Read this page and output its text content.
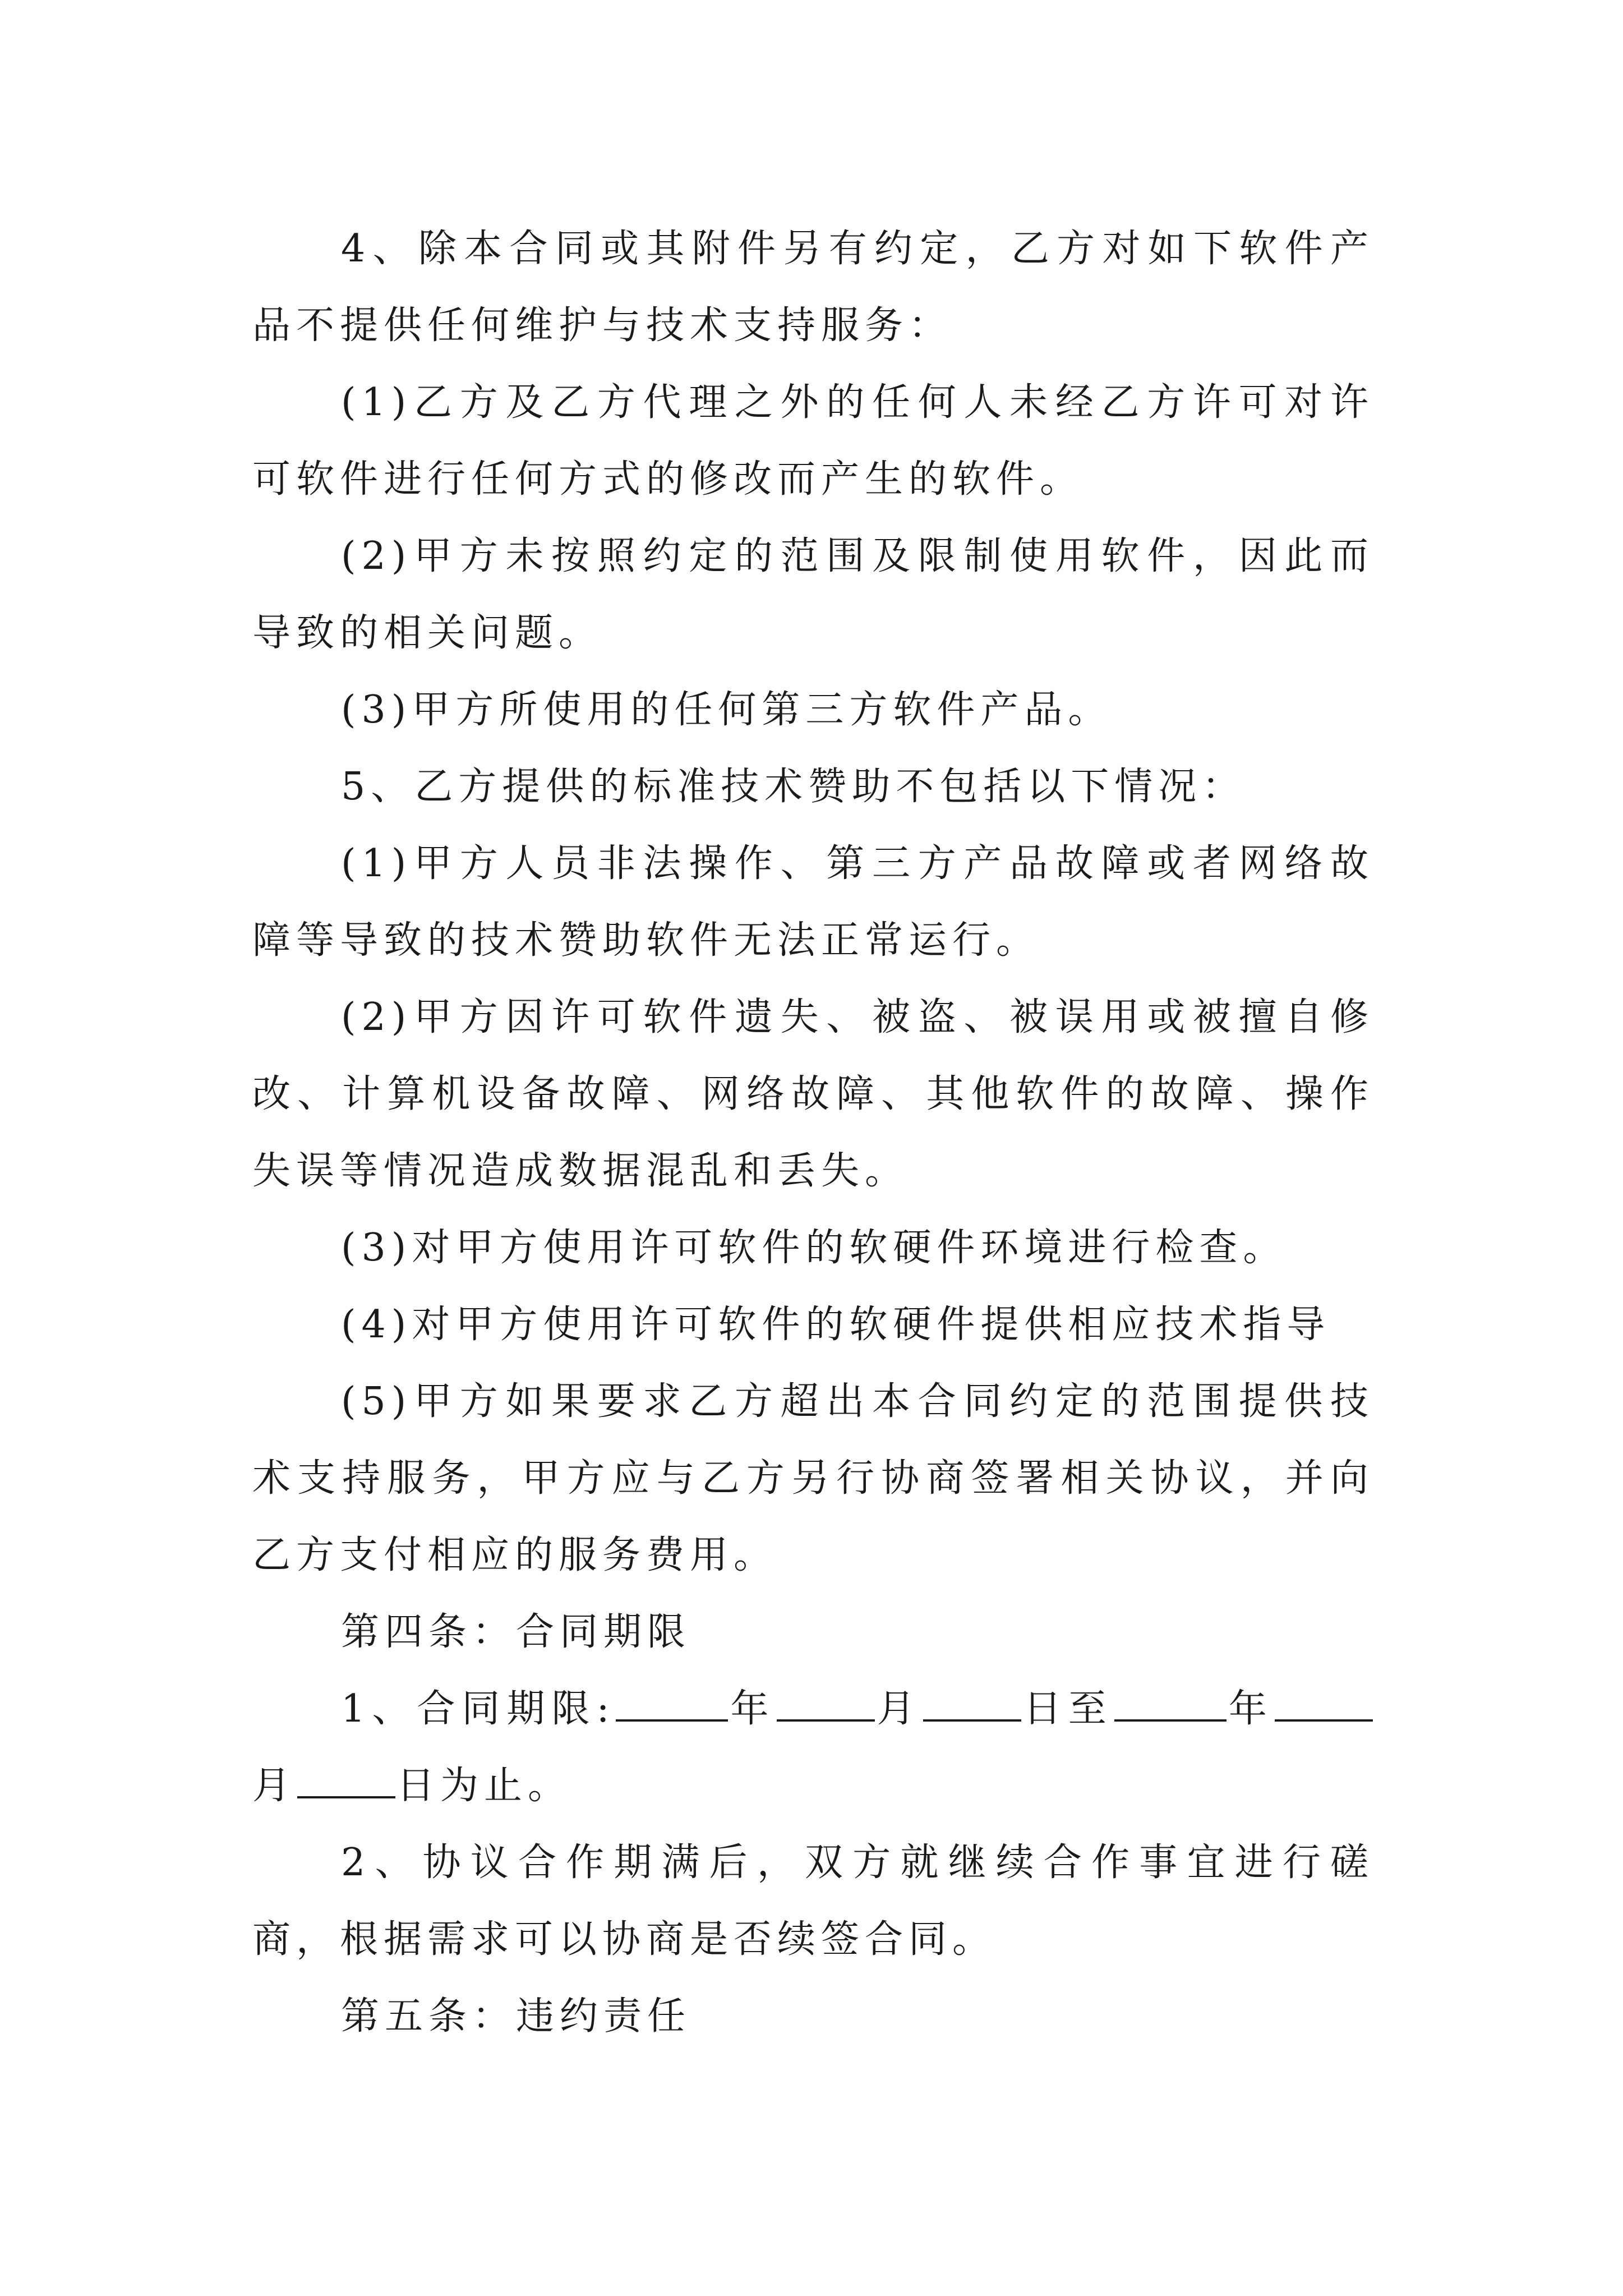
4、除本合同或其附件另有约定，乙方对如下软件产品不提供任何维护与技术支持服务：

(1)乙方及乙方代理之外的任何人未经乙方许可对许可软件进行任何方式的修改而产生的软件。

(2)甲方未按照约定的范围及限制使用软件，因此而导致的相关问题。

(3)甲方所使用的任何第三方软件产品。

5、乙方提供的标准技术赞助不包括以下情况：

(1)甲方人员非法操作、第三方产品故障或者网络故障等导致的技术赞助软件无法正常运行。

(2)甲方因许可软件遗失、被盗、被误用或被擅自修改、计算机设备故障、网络故障、其他软件的故障、操作失误等情况造成数据混乱和丢失。

(3)对甲方使用许可软件的软硬件环境进行检查。

(4)对甲方使用许可软件的软硬件提供相应技术指导

(5)甲方如果要求乙方超出本合同约定的范围提供技术支持服务，甲方应与乙方另行协商签署相关协议，并向乙方支付相应的服务费用。

第四条：合同期限

1、合同期限:	年	月	日至	年月	日为止。

2、协议合作期满后，双方就继续合作事宜进行磋商，根据需求可以协商是否续签合同。

第五条：违约责任
